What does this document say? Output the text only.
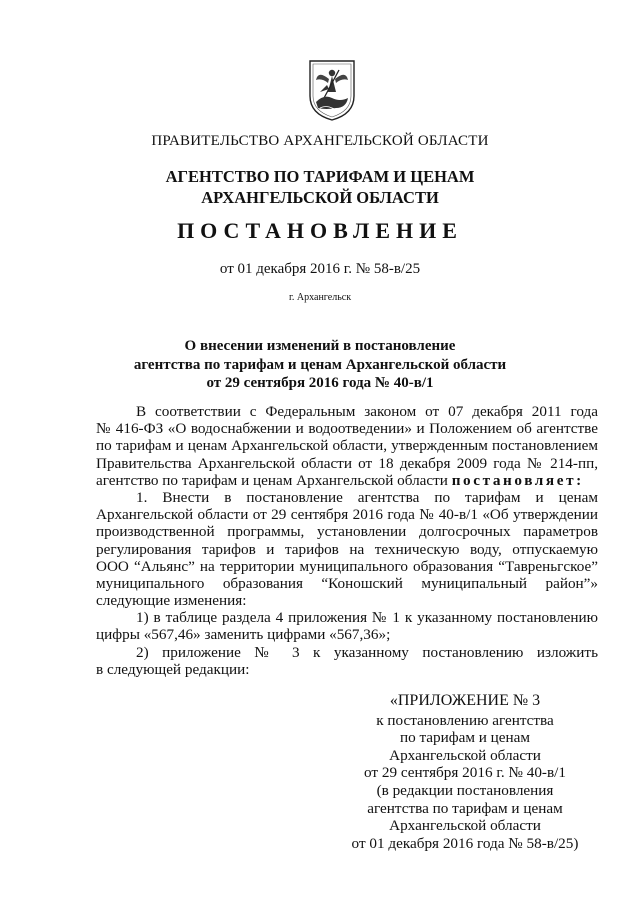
ПРАВИТЕЛЬСТВО АРХАНГЕЛЬСКОЙ ОБЛАСТИ
АГЕНТСТВО ПО ТАРИФАМ И ЦЕНАМ
АРХАНГЕЛЬСКОЙ ОБЛАСТИ
ПОСТАНОВЛЕНИЕ
от 01 декабря 2016 г. № 58-в/25
г. Архангельск
О внесении изменений в постановление
агентства по тарифам и ценам Архангельской области
от 29 сентября 2016 года № 40-в/1
В соответствии с Федеральным законом от 07 декабря 2011 года
№ 416-ФЗ «О водоснабжении и водоотведении» и Положением об агентстве
по тарифам и ценам Архангельской области, утвержденным постановлением
Правительства Архангельской области от 18 декабря 2009 года № 214-пп,
агентство по тарифам и ценам Архангельской области постановляет:
1. Внести в постановление агентства по тарифам и ценам
Архангельской области от 29 сентября 2016 года № 40-в/1 «Об утверждении
производственной программы, установлении долгосрочных параметров
регулирования тарифов и тарифов на техническую воду, отпускаемую
ООО “Альянс” на территории муниципального образования “Тавреньгское”
муниципального образования “Коношский муниципальный район”»
следующие изменения:
1) в таблице раздела 4 приложения № 1 к указанному постановлению
цифры «567,46» заменить цифрами «567,36»;
2) приложение № 3 к указанному постановлению изложить
в следующей редакции:
«ПРИЛОЖЕНИЕ № 3
к постановлению агентства
по тарифам и ценам
Архангельской области
от 29 сентября 2016 г. № 40-в/1
(в редакции постановления
агентства по тарифам и ценам
Архангельской области
от 01 декабря 2016 года № 58-в/25)
